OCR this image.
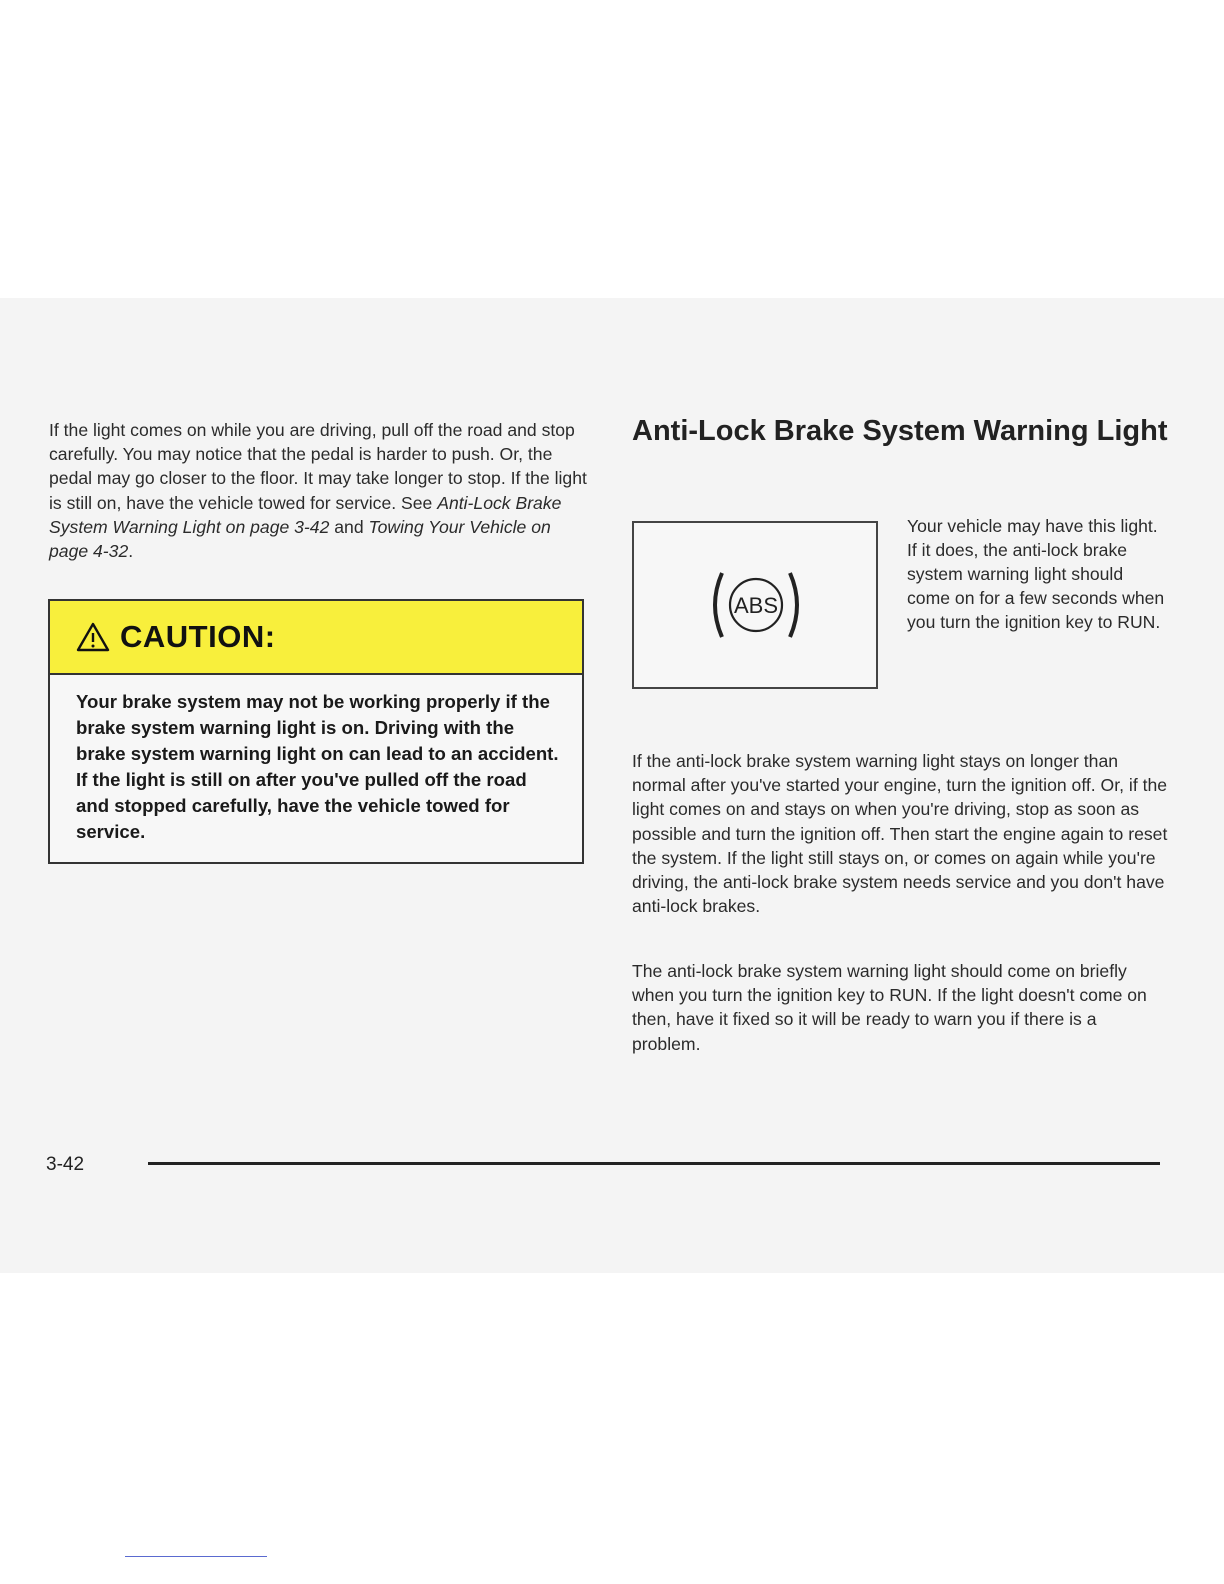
If the light comes on while you are driving, pull off the road and stop carefully. You may notice that the pedal is harder to push. Or, the pedal may go closer to the floor. It may take longer to stop. If the light is still on, have the vehicle towed for service. See Anti-Lock Brake System Warning Light on page 3-42 and Towing Your Vehicle on page 4-32.

CAUTION:

Your brake system may not be working properly if the brake system warning light is on. Driving with the brake system warning light on can lead to an accident. If the light is still on after you've pulled off the road and stopped carefully, have the vehicle towed for service.

Anti-Lock Brake System Warning Light
ABS

Your vehicle may have this light. If it does, the anti-lock brake system warning light should come on for a few seconds when you turn the ignition key to RUN.

If the anti-lock brake system warning light stays on longer than normal after you've started your engine, turn the ignition off. Or, if the light comes on and stays on when you're driving, stop as soon as possible and turn the ignition off. Then start the engine again to reset the system. If the light still stays on, or comes on again while you're driving, the anti-lock brake system needs service and you don't have anti-lock brakes.

The anti-lock brake system warning light should come on briefly when you turn the ignition key to RUN. If the light doesn't come on then, have it fixed so it will be ready to warn you if there is a problem.

3-42
